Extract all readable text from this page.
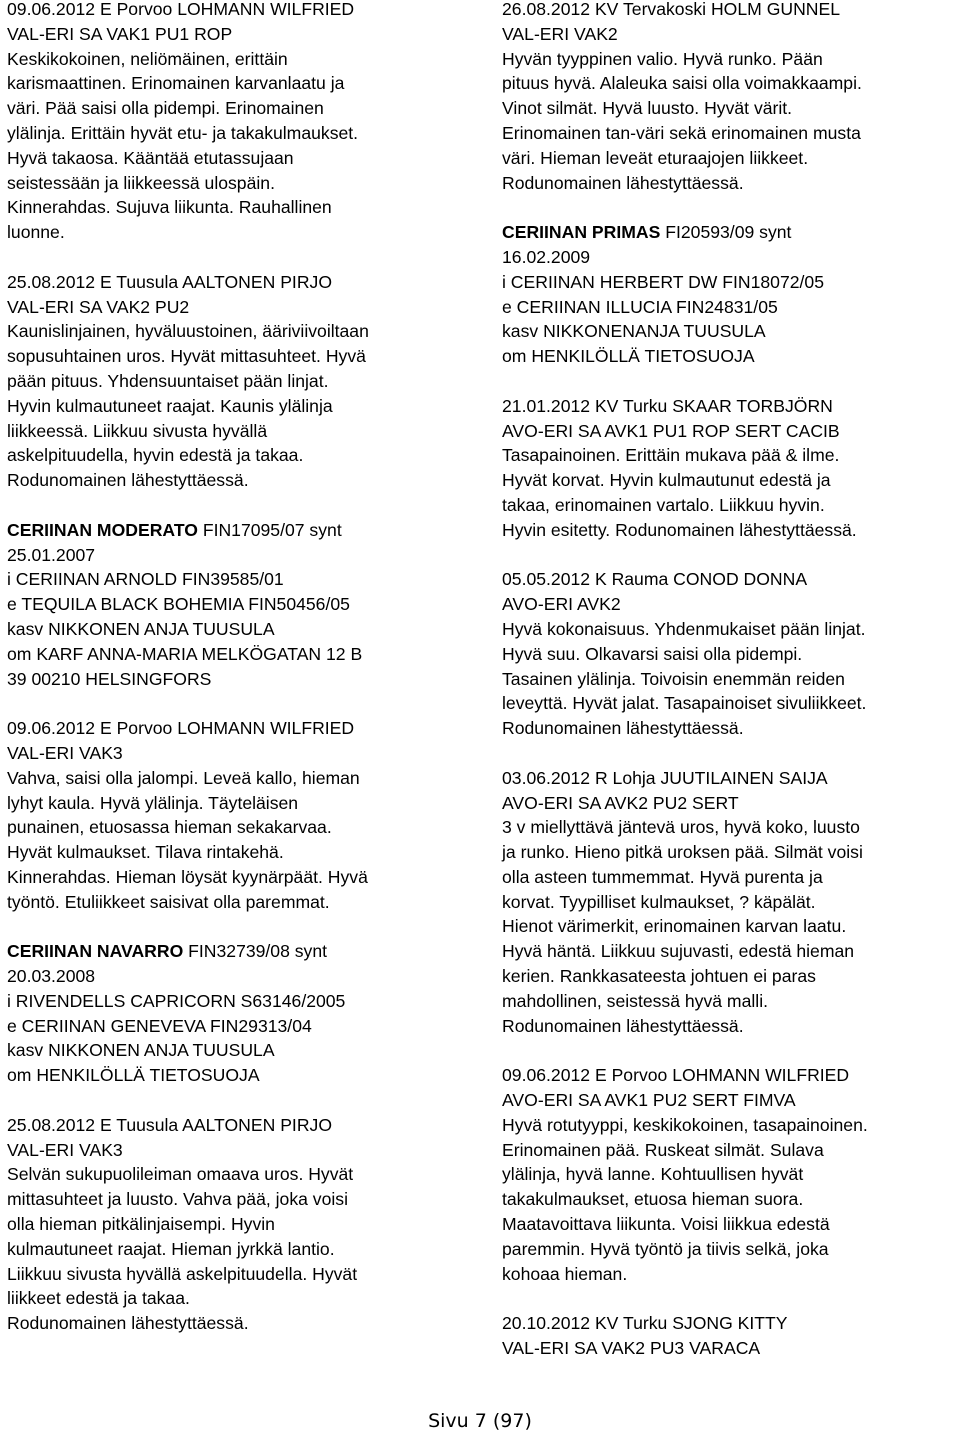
09.06.2012 E Porvoo LOHMANN WILFRIED
VAL-ERI SA VAK1 PU1 ROP
Keskikokoinen, neliömäinen, erittäin
karismaattinen. Erinomainen karvanlaatu ja
väri. Pää saisi olla pidempi. Erinomainen
ylälinja. Erittäin hyvät etu- ja takakulmaukset.
Hyvä takaosa. Kääntää etutassujaan
seistessään ja liikkeessä ulospäin.
Kinnerahdas. Sujuva liikunta. Rauhallinen
luonne.
25.08.2012 E Tuusula AALTONEN PIRJO
VAL-ERI SA VAK2 PU2
Kaunislinjainen, hyväluustoinen, ääriviivoiltaan
sopusuhtainen uros. Hyvät mittasuhteet. Hyvä
pään pituus. Yhdensuuntaiset pään linjat.
Hyvin kulmautuneet raajat. Kaunis ylälinja
liikkeessä. Liikkuu sivusta hyvällä
askelpituudella, hyvin edestä ja takaa.
Rodunomainen lähestyttäessä.
CERIINAN MODERATO FIN17095/07 synt
25.01.2007
i CERIINAN ARNOLD FIN39585/01
e TEQUILA BLACK BOHEMIA FIN50456/05
kasv NIKKONEN ANJA TUUSULA
om KARF ANNA-MARIA MELKÖGATAN 12 B
39 00210 HELSINGFORS
09.06.2012 E Porvoo LOHMANN WILFRIED
VAL-ERI VAK3
Vahva, saisi olla jalompi. Leveä kallo, hieman
lyhyt kaula. Hyvä ylälinja. Täyteläisen
punainen, etuosassa hieman sekakarvaa.
Hyvät kulmaukset. Tilava rintakehä.
Kinnerahdas. Hieman löysät kyynärpäät. Hyvä
työntö. Etuliikkeet saisivat olla paremmat.
CERIINAN NAVARRO FIN32739/08 synt
20.03.2008
i RIVENDELLS CAPRICORN S63146/2005
e CERIINAN GENEVEVA FIN29313/04
kasv NIKKONEN ANJA TUUSULA
om HENKILÖLLÄ TIETOSUOJA
25.08.2012 E Tuusula AALTONEN PIRJO
VAL-ERI VAK3
Selvän sukupuolileiman omaava uros. Hyvät
mittasuhteet ja luusto. Vahva pää, joka voisi
olla hieman pitkälinjaisempi. Hyvin
kulmautuneet raajat. Hieman jyrkkä lantio.
Liikkuu sivusta hyvällä askelpituudella. Hyvät
liikkeet edestä ja takaa.
Rodunomainen lähestyttäessä.
26.08.2012 KV Tervakoski HOLM GUNNEL
VAL-ERI VAK2
Hyvän tyyppinen valio. Hyvä runko. Pään
pituus hyvä. Alaleuka saisi olla voimakkaampi.
Vinot silmät. Hyvä luusto. Hyvät värit.
Erinomainen tan-väri sekä erinomainen musta
väri. Hieman leveät eturaajojen liikkeet.
Rodunomainen lähestyttäessä.
CERIINAN PRIMAS FI20593/09 synt
16.02.2009
i CERIINAN HERBERT DW FIN18072/05
e CERIINAN ILLUCIA FIN24831/05
kasv NIKKONENANJA TUUSULA
om HENKILÖLLÄ TIETOSUOJA
21.01.2012 KV Turku SKAAR TORBJÖRN
AVO-ERI SA AVK1 PU1 ROP SERT CACIB
Tasapainoinen. Erittäin mukava pää & ilme.
Hyvät korvat. Hyvin kulmautunut edestä ja
takaa, erinomainen vartalo. Liikkuu hyvin.
Hyvin esitetty. Rodunomainen lähestyttäessä.
05.05.2012 K Rauma CONOD DONNA
AVO-ERI AVK2
Hyvä kokonaisuus. Yhdenmukaiset pään linjat.
Hyvä suu. Olkavarsi saisi olla pidempi.
Tasainen ylälinja. Toivoisin enemmän reiden
leveyttä. Hyvät jalat. Tasapainoiset sivuliikkeet.
Rodunomainen lähestyttäessä.
03.06.2012 R Lohja JUUTILAINEN SAIJA
AVO-ERI SA AVK2 PU2 SERT
3 v miellyttävä jäntevä uros, hyvä koko, luusto
ja runko. Hieno pitkä uroksen pää. Silmät voisi
olla asteen tummemmat. Hyvä purenta ja
korvat. Tyypilliset kulmaukset, ? käpälät.
Hienot värimerkit, erinomainen karvan laatu.
Hyvä häntä. Liikkuu sujuvasti, edestä hieman
kerien. Rankkasateesta johtuen ei paras
mahdollinen, seistessä hyvä malli.
Rodunomainen lähestyttäessä.
09.06.2012 E Porvoo LOHMANN WILFRIED
AVO-ERI SA AVK1 PU2 SERT FIMVA
Hyvä rotutyyppi, keskikokoinen, tasapainoinen.
Erinomainen pää. Ruskeat silmät. Sulava
ylälinja, hyvä lanne. Kohtuullisen hyvät
takakulmaukset, etuosa hieman suora.
Maatavoittava liikunta. Voisi liikkua edestä
paremmin. Hyvä työntö ja tiivis selkä, joka
kohoaa hieman.
20.10.2012 KV Turku SJONG KITTY
VAL-ERI SA VAK2 PU3 VARACA
Sivu 7 (97)
